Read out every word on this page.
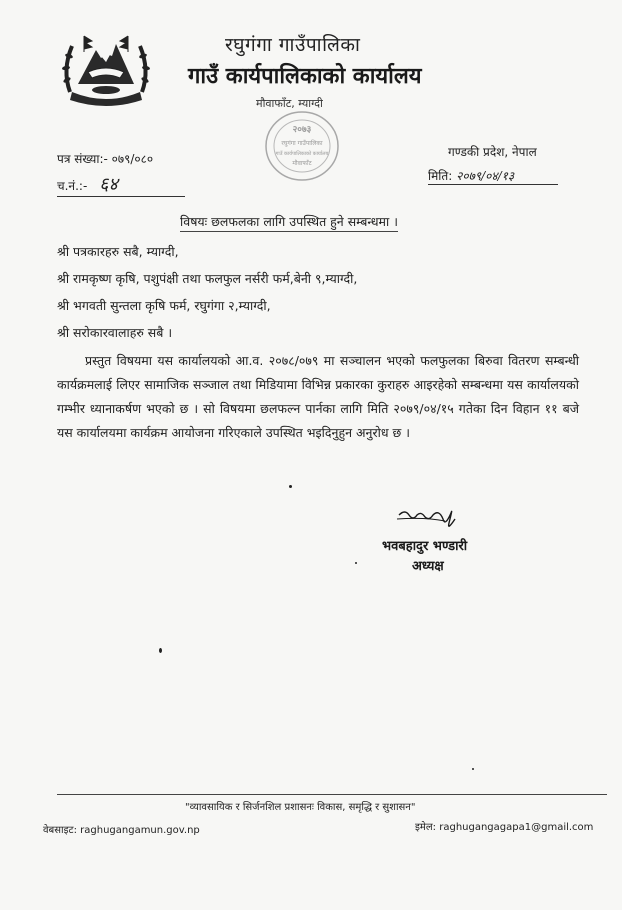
रघुगंगा गाउँपालिका
गाउँ कार्यपालिकाको कार्यालय
मौवाफाँट, म्याग्दी
२०७३
रघुगंगा गाउँपालिका
गाउँ कार्यपालिकाको कार्यालय
मौवाफाँट
पत्र संख्या:- ०७९/०८०
च.नं.:- ६४
गण्डकी प्रदेश, नेपाल
मिति: २०७९/०४/१३
विषयः छलफलका लागि उपस्थित हुने सम्बन्धमा ।
श्री पत्रकारहरु सबै, म्याग्दी,
श्री रामकृष्ण कृषि, पशुपंक्षी तथा फलफुल नर्सरी फर्म,बेनी ९,म्याग्दी,
श्री भगवती सुन्तला कृषि फर्म, रघुगंगा २,म्याग्दी,
श्री सरोकारवालाहरु सबै ।
प्रस्तुत विषयमा यस कार्यालयको आ.व. २०७८/०७९ मा सञ्चालन भएको फलफुलका बिरुवा वितरण सम्बन्धी कार्यक्रमलाई लिएर सामाजिक सञ्जाल तथा मिडियामा विभिन्न प्रकारका कुराहरु आइरहेको सम्बन्धमा यस कार्यालयको गम्भीर ध्यानाकर्षण भएको छ । सो विषयमा छलफल्न पार्नका लागि मिति २०७९/०४/१५ गतेका दिन विहान ११ बजे यस कार्यालयमा कार्यक्रम आयोजना गरिएकाले उपस्थित भइदिनुहुन अनुरोध छ ।
भवबहादुर भण्डारी
अध्यक्ष
"व्यावसायिक र सिर्जनशिल प्रशासनः विकास, समृद्धि र सुशासन"
वेबसाइट: raghugangamun.gov.np	इमेल: raghugangagapa1@gmail.com
